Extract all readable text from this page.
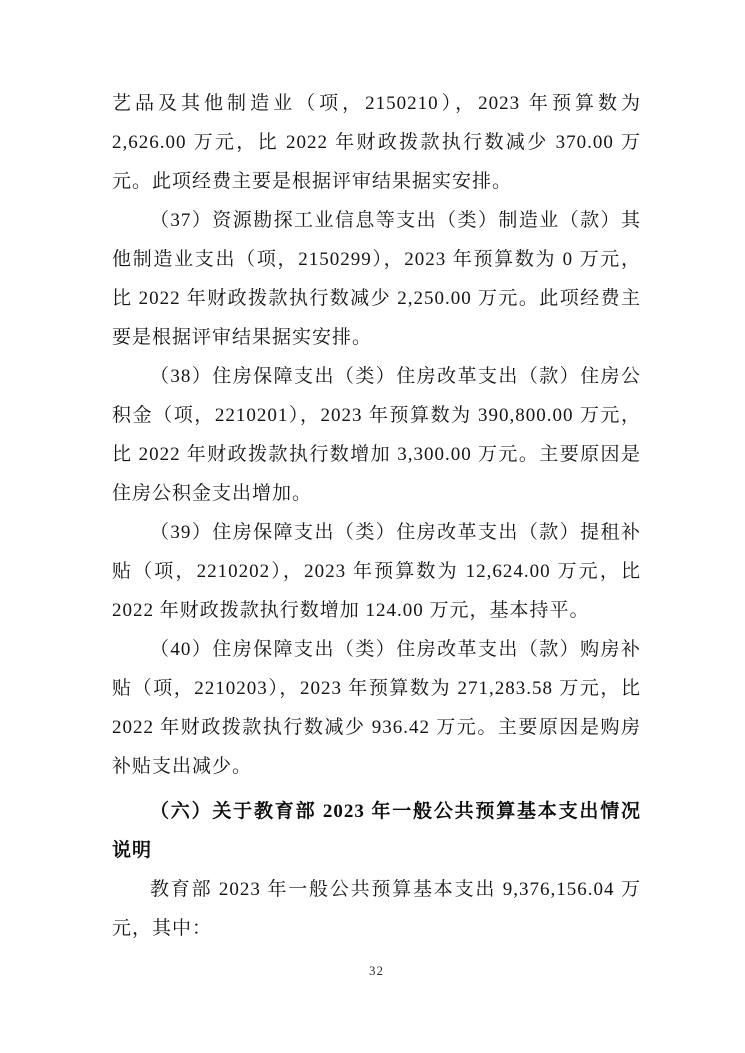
艺品及其他制造业（项，2150210），2023 年预算数为 2,626.00 万元，比 2022 年财政拨款执行数减少 370.00 万元。此项经费主要是根据评审结果据实安排。

（37）资源勘探工业信息等支出（类）制造业（款）其他制造业支出（项，2150299），2023 年预算数为 0 万元，比 2022 年财政拨款执行数减少 2,250.00 万元。此项经费主要是根据评审结果据实安排。

（38）住房保障支出（类）住房改革支出（款）住房公积金（项，2210201），2023 年预算数为 390,800.00 万元，比 2022 年财政拨款执行数增加 3,300.00 万元。主要原因是住房公积金支出增加。

（39）住房保障支出（类）住房改革支出（款）提租补贴（项，2210202），2023 年预算数为 12,624.00 万元，比 2022 年财政拨款执行数增加 124.00 万元，基本持平。

（40）住房保障支出（类）住房改革支出（款）购房补贴（项，2210203），2023 年预算数为 271,283.58 万元，比 2022 年财政拨款执行数减少 936.42 万元。主要原因是购房补贴支出减少。

（六）关于教育部 2023 年一般公共预算基本支出情况说明

教育部 2023 年一般公共预算基本支出 9,376,156.04 万元，其中：

32
